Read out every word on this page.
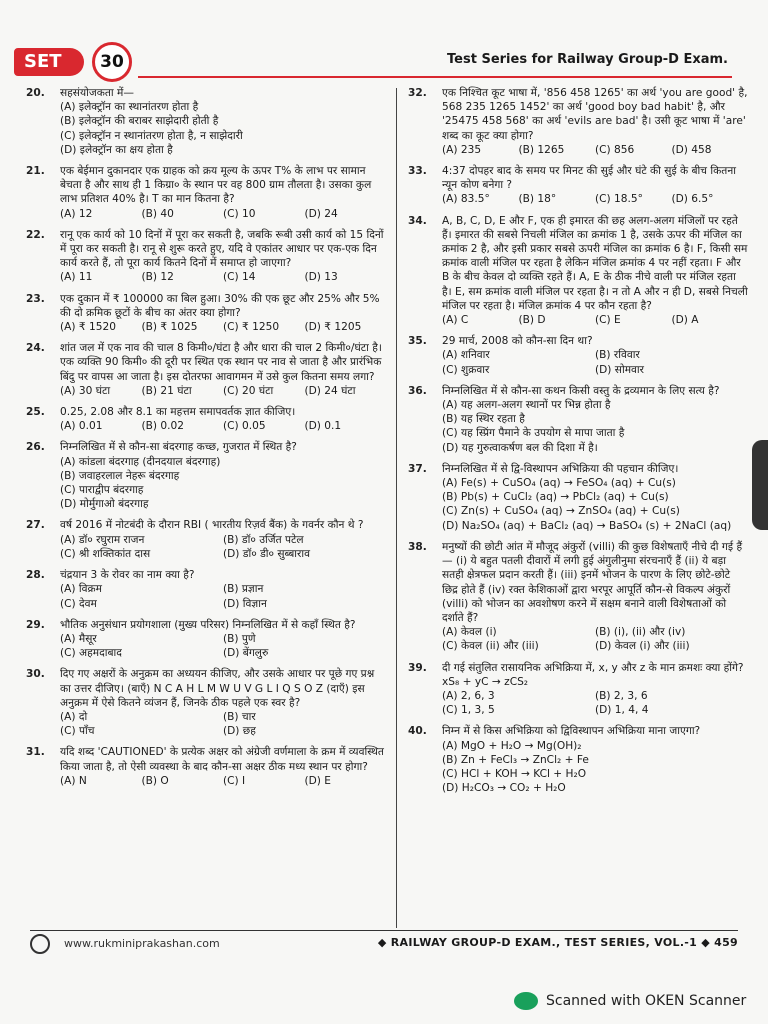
SET	30	Test Series for Railway Group-D Exam.
20. सहसंयोजकता में—
(A) इलेक्ट्रॉन का स्थानांतरण होता है
(B) इलेक्ट्रॉन की बराबर साझेदारी होती है
(C) इलेक्ट्रॉन न स्थानांतरण होता है, न साझेदारी
(D) इलेक्ट्रॉन का क्षय होता है
21. एक बेईमान दुकानदार एक ग्राहक को क्रय मूल्य के ऊपर T% के लाभ पर सामान बेचता है और साथ ही 1 किग्रा० के स्थान पर वह 800 ग्राम तौलता है। उसका कुल लाभ प्रतिशत 40% है। T का मान कितना है?
(A) 12	(B) 40	(C) 10	(D) 24
22. रानू एक कार्य को 10 दिनों में पूरा कर सकती है, जबकि रूबी उसी कार्य को 15 दिनों में पूरा कर सकती है। रानू से शुरू करते हुए, यदि वे एकांतर आधार पर एक-एक दिन कार्य करते हैं, तो पूरा कार्य कितने दिनों में समाप्त हो जाएगा?
(A) 11	(B) 12	(C) 14	(D) 13
23. एक दुकान में ₹ 100000 का बिल हुआ। 30% की एक छूट और 25% और 5% की दो क्रमिक छूटों के बीच का अंतर क्या होगा?
(A) ₹ 1520	(B) ₹ 1025	(C) ₹ 1250	(D) ₹ 1205
24. शांत जल में एक नाव की चाल 8 किमी०/घंटा है और धारा की चाल 2 किमी०/घंटा है। एक व्यक्ति 90 किमी० की दूरी पर स्थित एक स्थान पर नाव से जाता है और प्रारंभिक बिंदु पर वापस आ जाता है। इस दोतरफा आवागमन में उसे कुल कितना समय लगा?
(A) 30 घंटा	(B) 21 घंटा	(C) 20 घंटा	(D) 24 घंटा
25. 0.25, 2.08 और 8.1 का महत्तम समापवर्तक ज्ञात कीजिए।
(A) 0.01	(B) 0.02	(C) 0.05	(D) 0.1
26. निम्नलिखित में से कौन-सा बंदरगाह कच्छ, गुजरात में स्थित है?
(A) कांडला बंदरगाह (दीनदयाल बंदरगाह)
(B) जवाहरलाल नेहरू बंदरगाह
(C) पाराद्वीप बंदरगाह
(D) मोर्मुगाओ बंदरगाह
27. वर्ष 2016 में नोटबंदी के दौरान RBI ( भारतीय रिज़र्व बैंक) के गवर्नर कौन थे ?
(A) डॉ० रघुराम राजन	(B) डॉ० उर्जित पटेल
(C) श्री शक्तिकांत दास	(D) डॉ० डी० सुब्बाराव
28. चंद्रयान 3 के रोवर का नाम क्या है?
(A) विक्रम	(B) प्रज्ञान
(C) देवम	(D) विज्ञान
29. भौतिक अनुसंधान प्रयोगशाला (मुख्य परिसर) निम्नलिखित में से कहाँ स्थित है?
(A) मैसूर	(B) पुणे
(C) अहमदाबाद	(D) बेंगलुरु
30. दिए गए अक्षरों के अनुक्रम का अध्ययन कीजिए, और उसके आधार पर पूछे गए प्रश्न का उत्तर दीजिए। (बाएँ) N C A H L M W U V G L I Q S O Z (दाएँ) इस अनुक्रम में ऐसे कितने व्यंजन हैं, जिनके ठीक पहले एक स्वर है?
(A) दो	(B) चार
(C) पाँच	(D) छह
31. यदि शब्द 'CAUTIONED' के प्रत्येक अक्षर को अंग्रेजी वर्णमाला के क्रम में व्यवस्थित किया जाता है, तो ऐसी व्यवस्था के बाद कौन-सा अक्षर ठीक मध्य स्थान पर होगा?
(A) N	(B) O	(C) I	(D) E
32. एक निश्चित कूट भाषा में, '856 458 1265' का अर्थ 'you are good' है, 568 235 1265 1452' का अर्थ 'good boy bad habit' है, और '25475 458 568' का अर्थ 'evils are bad' है। उसी कूट भाषा में 'are' शब्द का कूट क्या होगा?
(A) 235	(B) 1265	(C) 856	(D) 458
33. 4:37 दोपहर बाद के समय पर मिनट की सुई और घंटे की सुई के बीच कितना न्यून कोण बनेगा ?
(A) 83.5°	(B) 18°	(C) 18.5°	(D) 6.5°
34. A, B, C, D, E और F, एक ही इमारत की छह अलग-अलग मंजिलों पर रहते हैं। इमारत की सबसे निचली मंजिल का क्रमांक 1 है, उसके ऊपर की मंजिल का क्रमांक 2 है, और इसी प्रकार सबसे ऊपरी मंजिल का क्रमांक 6 है। F, किसी सम क्रमांक वाली मंजिल पर रहता है लेकिन मंजिल क्रमांक 4 पर नहीं रहता। F और B के बीच केवल दो व्यक्ति रहते हैं। A, E के ठीक नीचे वाली पर मंजिल रहता है। E, सम क्रमांक वाली मंजिल पर रहता है। न तो A और न ही D, सबसे निचली मंजिल पर रहता है। मंजिल क्रमांक 4 पर कौन रहता है?
(A) C	(B) D	(C) E	(D) A
35. 29 मार्च, 2008 को कौन-सा दिन था?
(A) शनिवार	(B) रविवार
(C) शुक्रवार	(D) सोमवार
36. निम्नलिखित में से कौन-सा कथन किसी वस्तु के द्रव्यमान के लिए सत्य है?
(A) यह अलग-अलग स्थानों पर भिन्न होता है
(B) यह स्थिर रहता है
(C) यह स्प्रिंग पैमाने के उपयोग से मापा जाता है
(D) यह गुरुत्वाकर्षण बल की दिशा में है।
37. निम्नलिखित में से द्वि-विस्थापन अभिक्रिया की पहचान कीजिए।
(A) Fe(s) + CuSO₄ (aq) → FeSO₄ (aq) + Cu(s)
(B) Pb(s) + CuCl₂ (aq) → PbCl₂ (aq) + Cu(s)
(C) Zn(s) + CuSO₄ (aq) → ZnSO₄ (aq) + Cu(s)
(D) Na₂SO₄ (aq) + BaCl₂ (aq) → BaSO₄ (s) + 2NaCl (aq)
38. मनुष्यों की छोटी आंत में मौजूद अंकुरों (villi) की कुछ विशेषताएँ नीचे दी गई हैं— (i) ये बहुत पतली दीवारों में लगी हुई अंगुलीनुमा संरचनाएँ हैं (ii) ये बड़ा सतही क्षेत्रफल प्रदान करती हैं। (iii) इनमें भोजन के पारण के लिए छोटे-छोटे छिद्र होते हैं (iv) रक्त केशिकाओं द्वारा भरपूर आपूर्ति कौन-से विकल्प अंकुरों (villi) को भोजन का अवशोषण करने में सक्षम बनाने वाली विशेषताओं को दर्शाते हैं?
(A) केवल (i)	(B) (i), (ii) और (iv)
(C) केवल (ii) और (iii)	(D) केवल (i) और (iii)
39. दी गई संतुलित रासायनिक अभिक्रिया में, x, y और z के मान क्रमशः क्या होंगे? xS₈ + yC → zCS₂
(A) 2, 6, 3	(B) 2, 3, 6
(C) 1, 3, 5	(D) 1, 4, 4
40. निम्न में से किस अभिक्रिया को द्विविस्थापन अभिक्रिया माना जाएगा?
(A) MgO + H₂O → Mg(OH)₂
(B) Zn + FeCl₃ → ZnCl₂ + Fe
(C) HCl + KOH → KCl + H₂O
(D) H₂CO₃ → CO₂ + H₂O
www.rukminiprakashan.com	◆ RAILWAY GROUP-D EXAM., TEST SERIES, VOL.-1 ◆ 459
Scanned with OKEN Scanner
